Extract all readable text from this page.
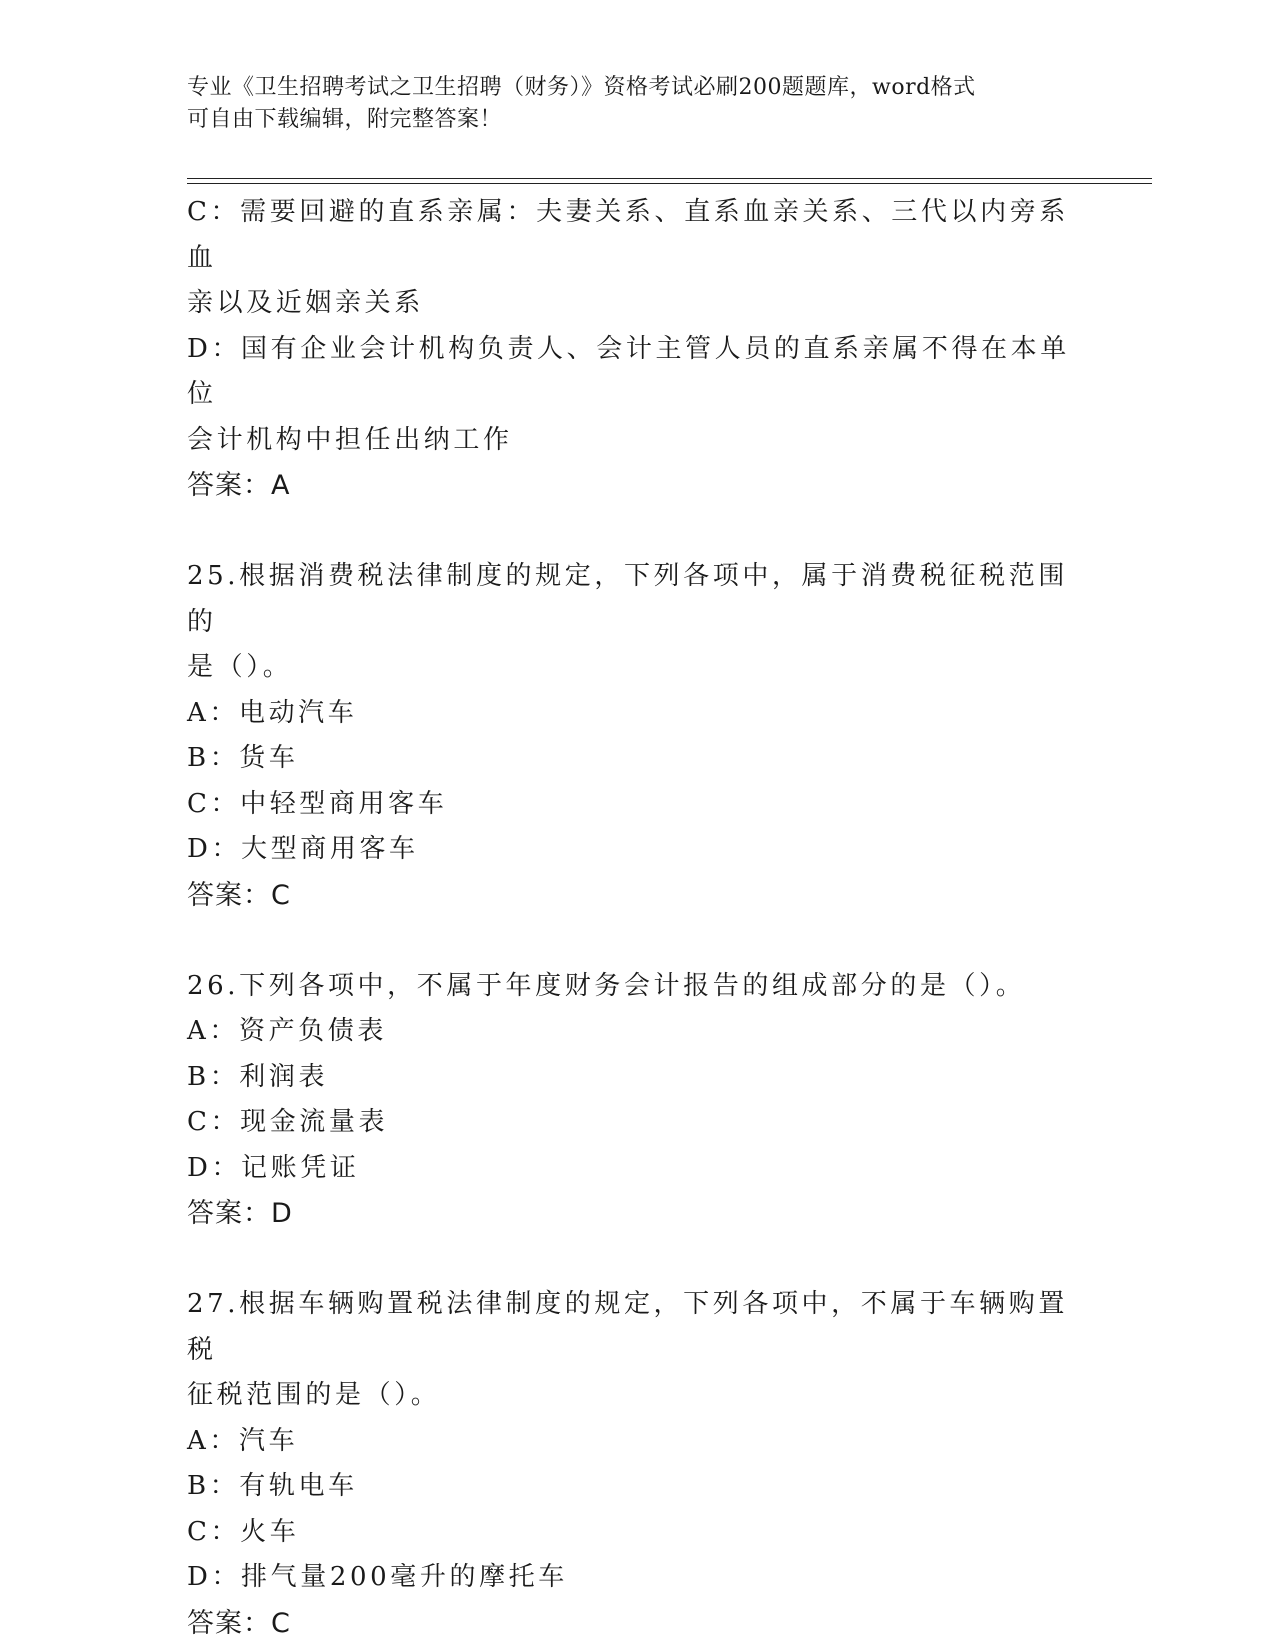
专业《卫生招聘考试之卫生招聘（财务）》资格考试必刷200题题库，word格式
可自由下载编辑，附完整答案！
C：需要回避的直系亲属：夫妻关系、直系血亲关系、三代以内旁系血
亲以及近姻亲关系
D：国有企业会计机构负责人、会计主管人员的直系亲属不得在本单位
会计机构中担任出纳工作
答案：A
25.根据消费税法律制度的规定，下列各项中，属于消费税征税范围的
是（）。
A：电动汽车
B：货车
C：中轻型商用客车
D：大型商用客车
答案：C
26.下列各项中，不属于年度财务会计报告的组成部分的是（）。
A：资产负债表
B：利润表
C：现金流量表
D：记账凭证
答案：D
27.根据车辆购置税法律制度的规定，下列各项中，不属于车辆购置税
征税范围的是（）。
A：汽车
B：有轨电车
C：火车
D：排气量200毫升的摩托车
答案：C
